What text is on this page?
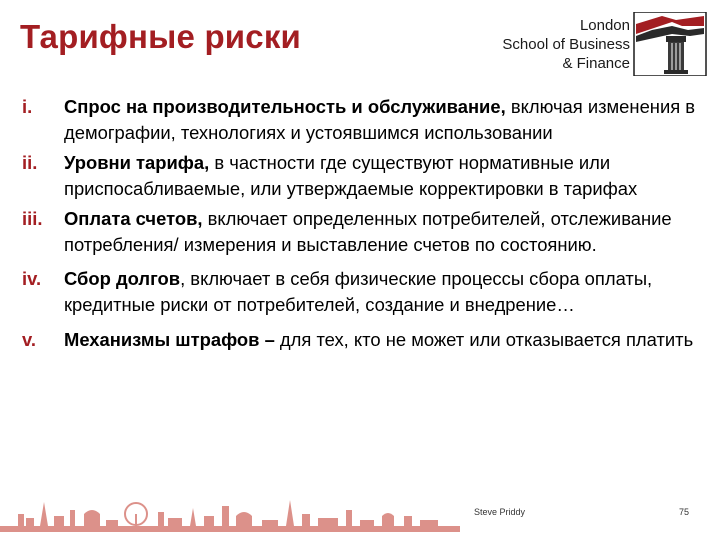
Тарифные риски	London
School of Business
& Finance
i. Спрос на производительность и обслуживание, включая изменения в демографии, технологиях и устоявшимся использовании
ii. Уровни тарифа, в частности где существуют нормативные или приспосабливаемые, или утверждаемые корректировки в тарифах
iii. Оплата счетов, включает определенных потребителей, отслеживание потребления/ измерения и выставление счетов по состоянию.
iv. Сбор долгов, включает в себя физические процессы сбора оплаты, кредитные риски от потребителей, создание и внедрение…
v. Механизмы штрафов – для тех, кто не может или отказывается платить
Steve Priddy	75
